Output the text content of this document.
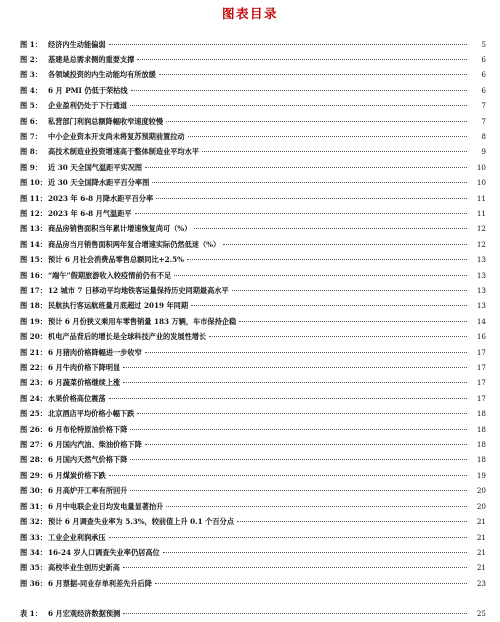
图表目录
图 1： 经济内生动能偏弱	5
图 2： 基建是总需求侧的重要支撑	6
图 3： 各领域投资的内生动能均有所放缓	6
图 4： 6 月 PMI 仍低于荣枯线	6
图 5： 企业盈利仍处于下行通道	7
图 6： 私营部门利润总额降幅收窄速度较慢	7
图 7： 中小企业资本开支尚未将复苏预期前置拉动	8
图 8： 高技术制造业投资增速高于整体制造业平均水平	9
图 9： 近 30 天全国气温距平实况图	10
图 10： 近 30 天全国降水距平百分率图	10
图 11： 2023 年 6-8 月降水距平百分率	11
图 12： 2023 年 6-8 月气温距平	11
图 13： 商品房销售面积当年累计增速恢复尚可（%）	12
图 14： 商品房当月销售面积两年复合增速实际仍然低迷（%）	12
图 15： 预计 6 月社会消费品零售总额同比+2.5%	13
图 16： “端午”假期旅游收入较疫情前仍有不足	13
图 17： 12 城市 7 日移动平均地铁客运量保持历史同期最高水平	13
图 18： 民航执行客运航班量月底超过 2019 年同期	13
图 19： 预计 6 月份狭义乘用车零售销量 183 万辆，车市保持企稳	14
图 20： 机电产品背后的增长是全球科技产业的发展性增长	16
图 21： 6 月猪肉价格降幅进一步收窄	17
图 22： 6 月牛肉价格下降明显	17
图 23： 6 月蔬菜价格继续上涨	17
图 24： 水果价格高位震荡	17
图 25： 北京酒店平均价格小幅下跌	18
图 26： 6 月布伦特原油价格下降	18
图 27： 6 月国内汽油、柴油价格下降	18
图 28： 6 月国内天然气价格下降	18
图 29： 6 月煤炭价格下跌	19
图 30： 6 月高炉开工率有所回升	20
图 31： 6 月中电联企业日均发电量显著抬升	20
图 32： 预计 6 月调查失业率为 5.3%，较前值上升 0.1 个百分点	21
图 33： 工业企业利润承压	21
图 34： 16-24 岁人口调查失业率仍居高位	21
图 35： 高校毕业生创历史新高	21
图 36： 6 月票据-同业存单利差先升后降	23
表 1： 6 月宏观经济数据预测	25
